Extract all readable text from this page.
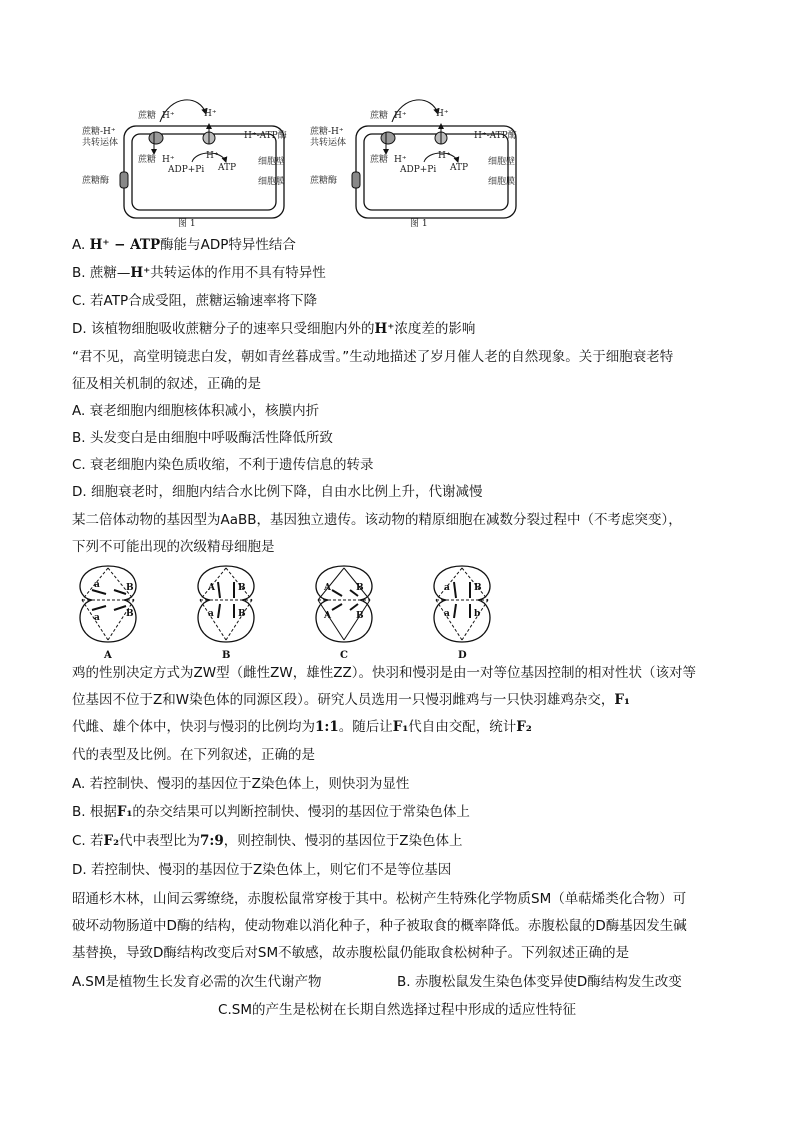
蔗糖 H⁺	H⁺
蔗糖-H⁺
共转运体
蔗糖 H⁺	H⁺
ADP+Pi ATP
H⁺-ATP酶
细胞壁
细胞膜
蔗糖酶
图 1
蔗糖 H⁺	H⁺
蔗糖-H⁺
共转运体
蔗糖 H⁺	H⁺
ADP+Pi ATP
H⁺-ATP酶
细胞壁
细胞膜
蔗糖酶
图 1
A. H⁺ − ATP酶能与ADP特异性结合
B. 蔗糖—H⁺共转运体的作用不具有特异性
C. 若ATP合成受阻，蔗糖运输速率将下降
D. 该植物细胞吸收蔗糖分子的速率只受细胞内外的H⁺浓度差的影响
“君不见，高堂明镜悲白发，朝如青丝暮成雪。”生动地描述了岁月催人老的自然现象。关于细胞衰老特
征及相关机制的叙述，正确的是
A. 衰老细胞内细胞核体积减小，核膜内折
B. 头发变白是由细胞中呼吸酶活性降低所致
C. 衰老细胞内染色质收缩，不利于遗传信息的转录
D. 细胞衰老时，细胞内结合水比例下降，自由水比例上升，代谢减慢
某二倍体动物的基因型为AaBB，基因独立遗传。该动物的精原细胞在减数分裂过程中（不考虑突变），
下列不可能出现的次级精母细胞是
a	B
a	B
A
A	B
a	B
B
A	B
A	B
C
a	B
a	b
D
鸡的性别决定方式为ZW型（雌性ZW，雄性ZZ）。快羽和慢羽是由一对等位基因控制的相对性状（该对等
位基因不位于Z和W染色体的同源区段）。研究人员选用一只慢羽雌鸡与一只快羽雄鸡杂交，F₁
代雌、雄个体中，快羽与慢羽的比例均为1:1。随后让F₁代自由交配，统计F₂
代的表型及比例。在下列叙述，正确的是
A. 若控制快、慢羽的基因位于Z染色体上，则快羽为显性
B. 根据F₁的杂交结果可以判断控制快、慢羽的基因位于常染色体上
C. 若F₂代中表型比为7:9，则控制快、慢羽的基因位于Z染色体上
D. 若控制快、慢羽的基因位于Z染色体上，则它们不是等位基因
昭通杉木林，山间云雾缭绕，赤腹松鼠常穿梭于其中。松树产生特殊化学物质SM（单萜烯类化合物）可
破坏动物肠道中D酶的结构，使动物难以消化种子，种子被取食的概率降低。赤腹松鼠的D酶基因发生碱
基替换，导致D酶结构改变后对SM不敏感，故赤腹松鼠仍能取食松树种子。下列叙述正确的是
A.SM是植物生长发育必需的次生代谢产物	B. 赤腹松鼠发生染色体变异使D酶结构发生改变
C.SM的产生是松树在长期自然选择过程中形成的适应性特征
